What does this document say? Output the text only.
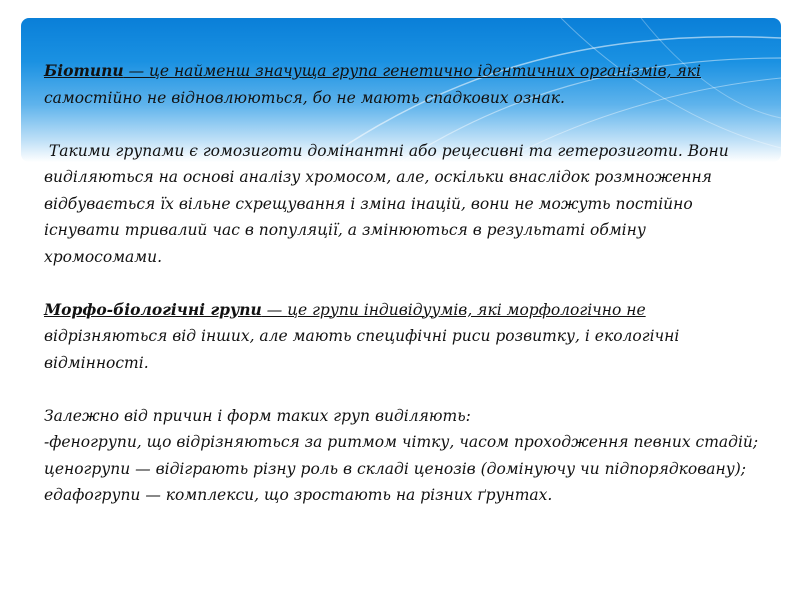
Біотипи — це найменш значуща група генетично ідентичних організмів, які
самостійно не відновлюються, бо не мають спадкових ознак.

Такими групами є гомозиготи домінантні або рецесивні та гетерозиготи. Вони
виділяються на основі аналізу хромосом, але, оскільки внаслідок розмноження
відбувається їх вільне схрещування і зміна інацій, вони не можуть постійно
існувати тривалий час в популяції, а змінюються в результаті обміну
хромосомами.

Морфо-біологічні групи — це групи індивідуумів, які морфологічно не
відрізняються від інших, але мають специфічні риси розвитку, і екологічні
відмінності.

Залежно від причин і форм таких груп виділяють:
-феногрупи, що відрізняються за ритмом чітку, часом проходження певних стадій;
ценогрупи — відіграють різну роль в складі ценозів (домінуючу чи підпорядковану);
едафогрупи — комплекси, що зростають на різних ґрунтах.
